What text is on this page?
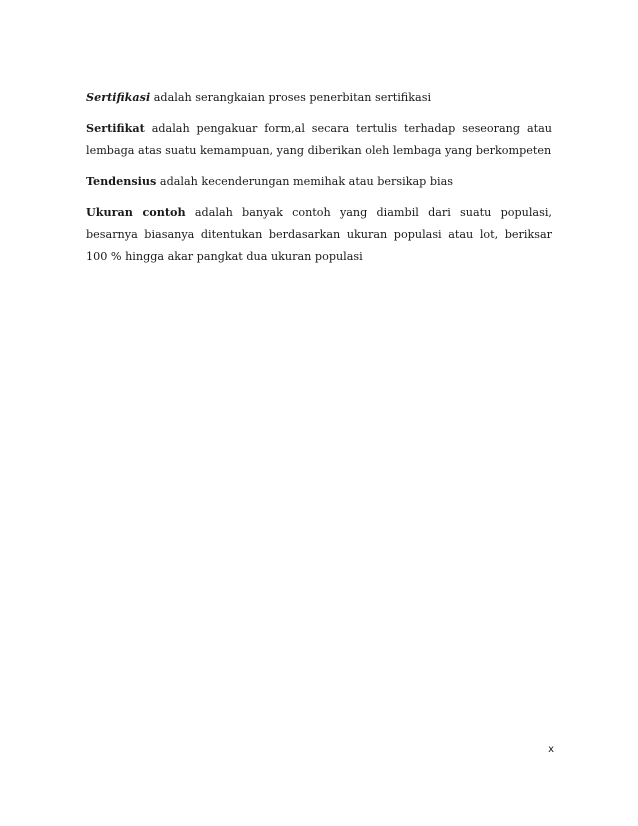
Sertifikasi adalah serangkaian proses penerbitan sertifikasi

Sertifikat adalah pengakuar form,al secara tertulis terhadap seseorang atau lembaga atas suatu kemampuan, yang diberikan oleh lembaga yang berkompeten

Tendensius adalah kecenderungan memihak atau bersikap bias

Ukuran contoh adalah banyak contoh yang diambil dari suatu populasi, besarnya biasanya ditentukan berdasarkan ukuran populasi atau lot, beriksar 100 % hingga akar pangkat dua ukuran populasi

x
